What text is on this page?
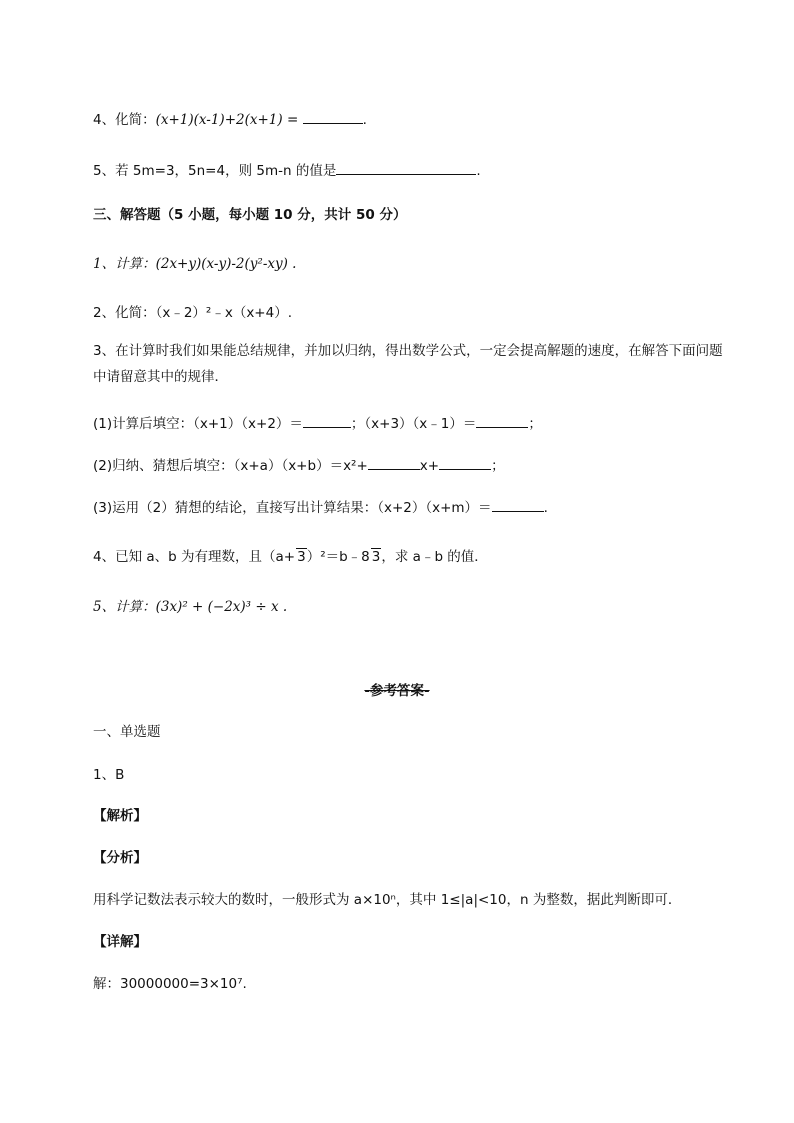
4、化简：(x+1)(x-1)+2(x+1) =	.
5、若 5m=3，5n=4，则 5m-n 的值是	.
三、解答题（5 小题，每小题 10 分，共计 50 分）
1、计算：(2x+y)(x-y)-2(y²-xy) .
2、化简：（x﹣2）²﹣x（x+4）.
3、在计算时我们如果能总结规律，并加以归纳，得出数学公式，一定会提高解题的速度，在解答下面问题中请留意其中的规律．
(1)计算后填空：（x+1）（x+2）＝	；（x+3）（x﹣1）＝	；
(2)归纳、猜想后填空：（x+a）（x+b）＝x²+	x+	；
(3)运用（2）猜想的结论，直接写出计算结果：（x+2）（x+m）＝	.
4、已知 a、b 为有理数，且（a+ 3）²＝b﹣8 3，求 a﹣b 的值．
5、计算：(3x)² + (−2x)³ ÷ x .
-参考答案-
一、单选题
1、B
【解析】
【分析】
用科学记数法表示较大的数时，一般形式为 a×10ⁿ，其中 1≤|a|<10，n 为整数，据此判断即可．
【详解】
解：30000000=3×10⁷.
